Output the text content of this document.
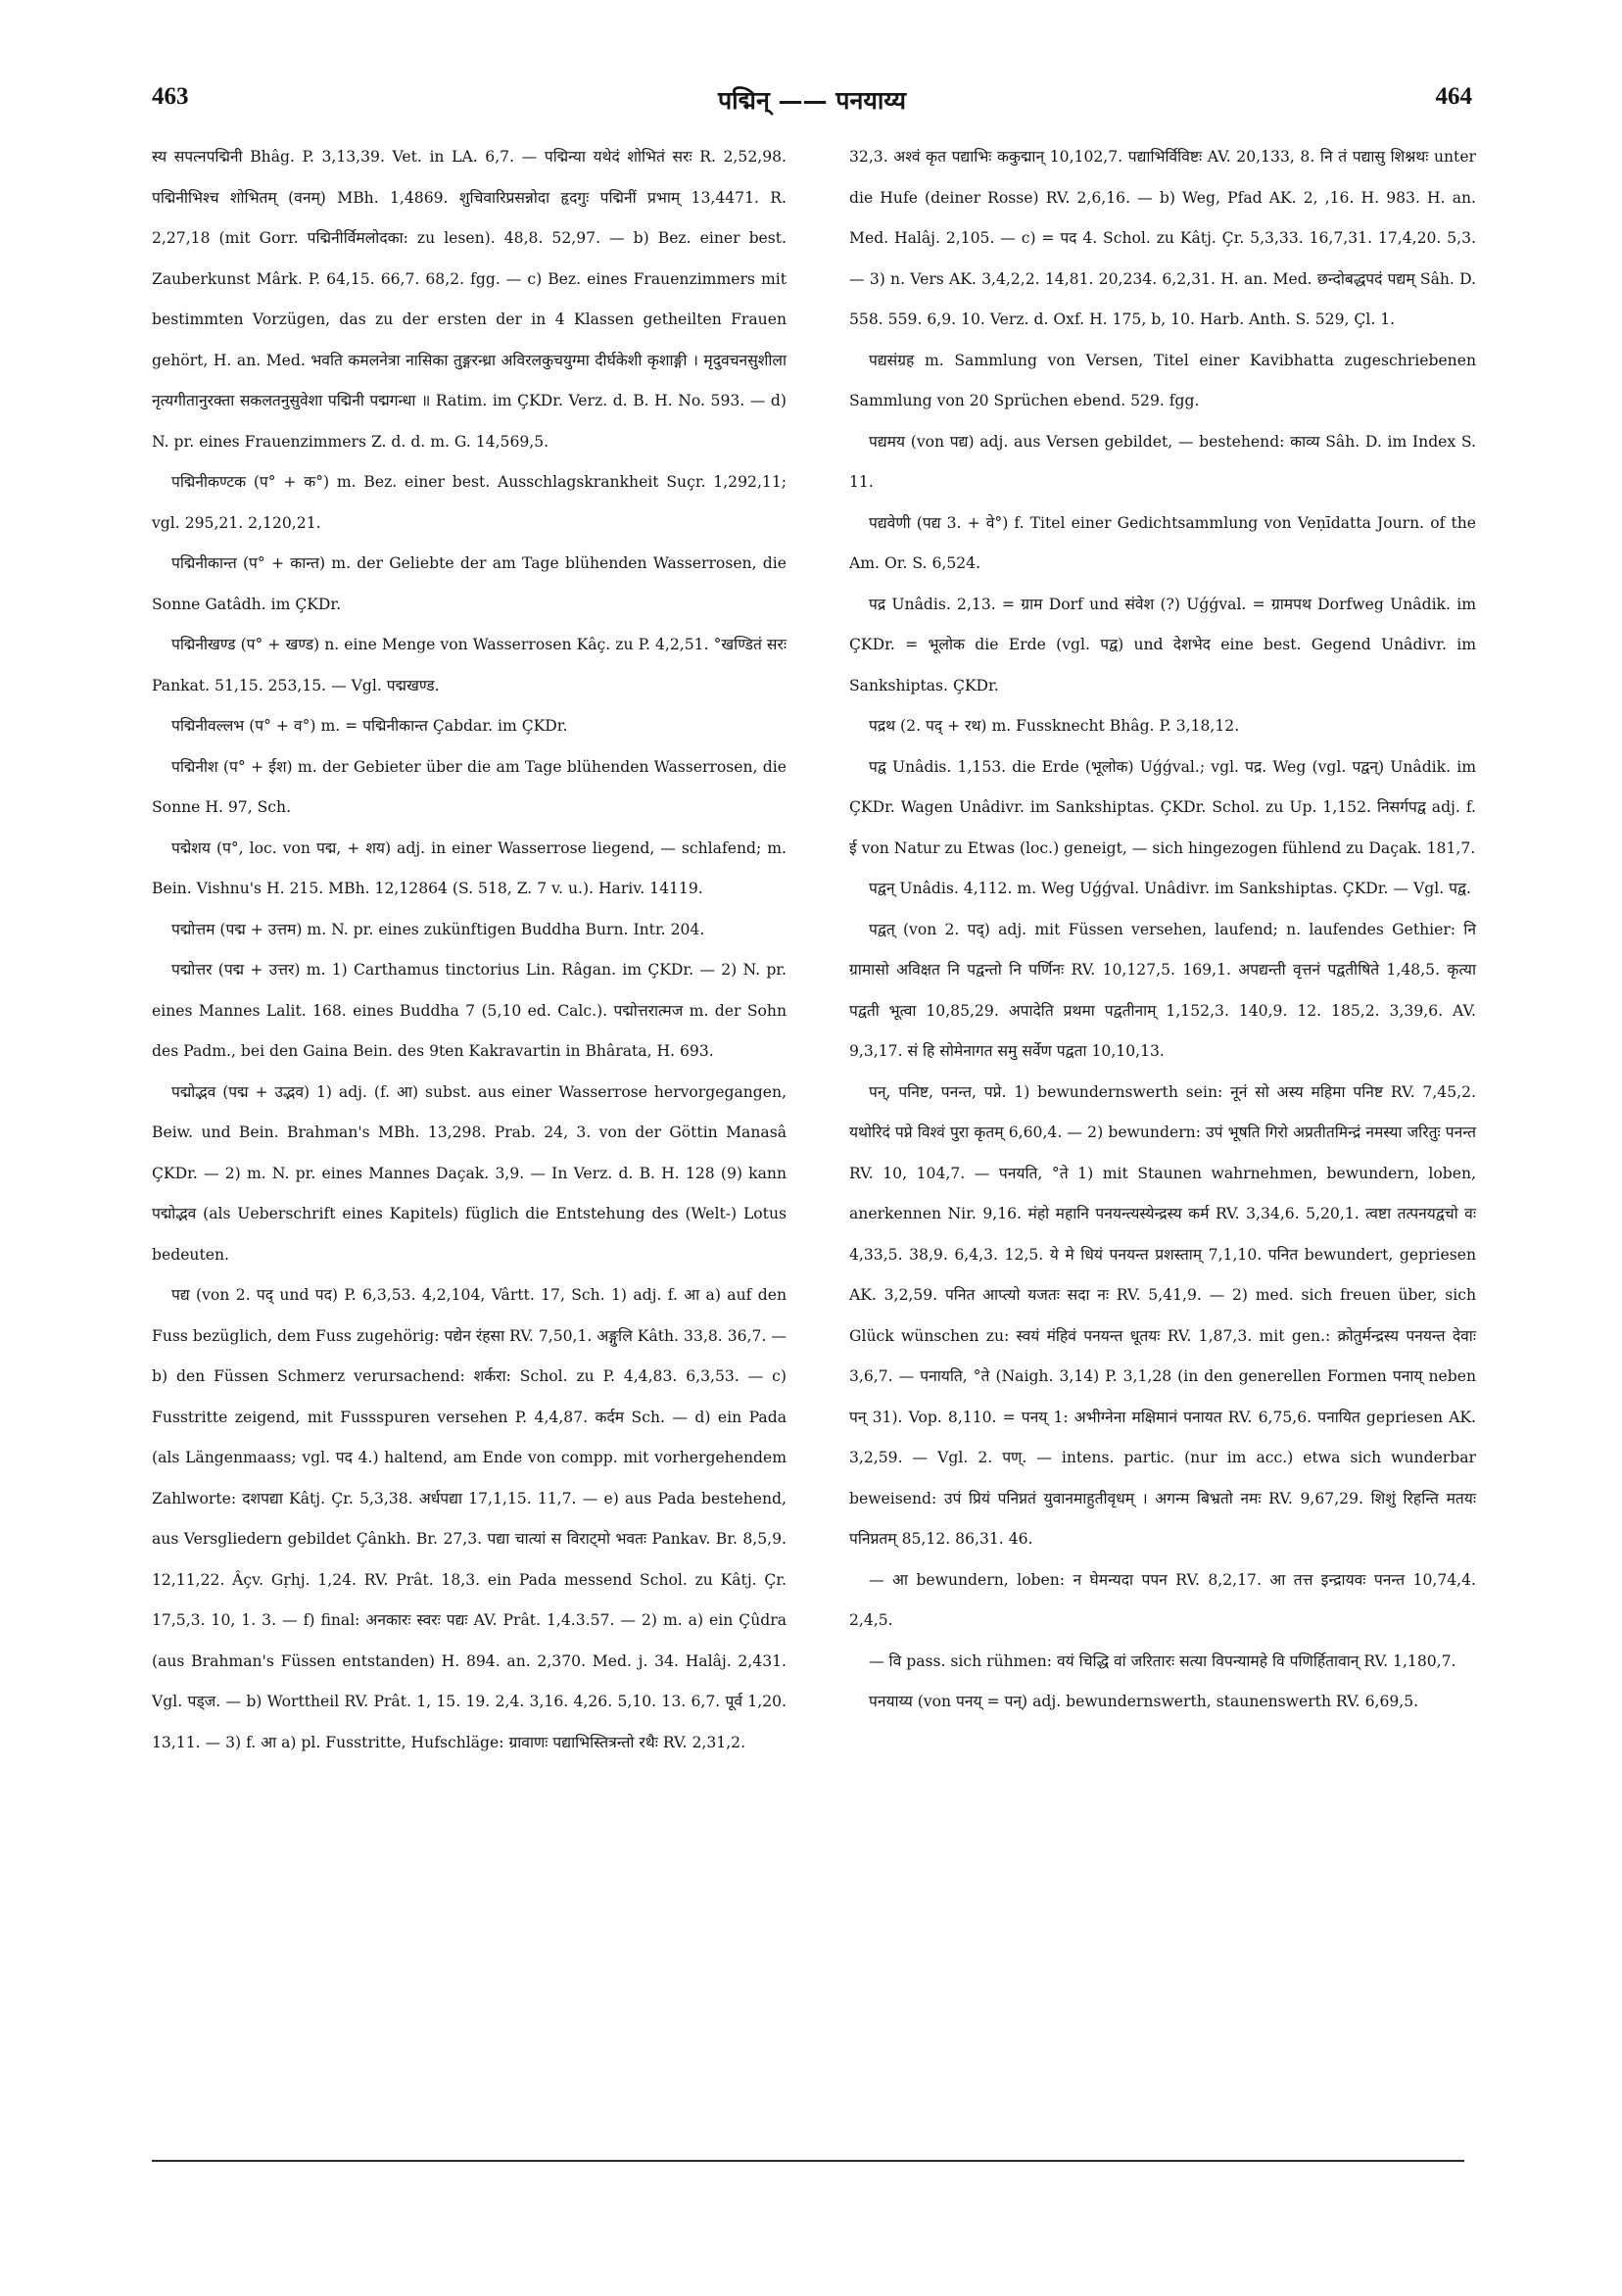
463	पद्मिन् —— पनयाय्य	464

स्य सपत्नपद्मिनी Bhâg. P. 3,13,39. Vet. in LA. 6,7. — पद्मिन्या यथेदं शोभितं सरः R. 2,52,98. पद्मिनीभिश्च शोभितम् (वनम्) MBh. 1,4869. शुचिवारिप्रसन्नोदा हृदगुः पद्मिनीं प्रभाम् 13,4471. R. 2,27,18 (mit Gorr. पद्मिनीर्विमलोदका: zu lesen). 48,8. 52,97. — b) Bez. einer best. Zauberkunst Mârk. P. 64,15. 66,7. 68,2. fgg. — c) Bez. eines Frauenzimmers mit bestimmten Vorzügen, das zu der ersten der in 4 Klassen getheilten Frauen gehört, H. an. Med. भवति कमलनेत्रा नासिका तुङ्गरन्ध्रा अविरलकुचयुग्मा दीर्घकेशी कृशाङ्गी । मृदुवचनसुशीला नृत्यगीतानुरक्ता सकलतनुसुवेशा पद्मिनी पद्मगन्धा ॥ Ratim. im ÇKDr. Verz. d. B. H. No. 593. — d) N. pr. eines Frauenzimmers Z. d. d. m. G. 14,569,5.

पद्मिनीकण्टक (प° + क°) m. Bez. einer best. Ausschlagskrankheit Suçr. 1,292,11; vgl. 295,21. 2,120,21.

पद्मिनीकान्त (प° + कान्त) m. der Geliebte der am Tage blühenden Wasserrosen, die Sonne Gatâdh. im ÇKDr.

पद्मिनीखण्ड (प° + खण्ड) n. eine Menge von Wasserrosen Kâç. zu P. 4,2,51. °खण्डितं सरः Pankat. 51,15. 253,15. — Vgl. पद्मखण्ड.

पद्मिनीवल्लभ (प° + व°) m. = पद्मिनीकान्त Çabdar. im ÇKDr.

पद्मिनीश (प° + ईश) m. der Gebieter über die am Tage blühenden Wasserrosen, die Sonne H. 97, Sch.

पद्मेशय (प°, loc. von पद्म, + शय) adj. in einer Wasserrose liegend, — schlafend; m. Bein. Vishnu's H. 215. MBh. 12,12864 (S. 518, Z. 7 v. u.). Hariv. 14119.

पद्मोत्तम (पद्म + उत्तम) m. N. pr. eines zukünftigen Buddha Burn. Intr. 204.

पद्मोत्तर (पद्म + उत्तर) m. 1) Carthamus tinctorius Lin. Râgan. im ÇKDr. — 2) N. pr. eines Mannes Lalit. 168. eines Buddha 7 (5,10 ed. Calc.). पद्मोत्तरात्मज m. der Sohn des Padm., bei den Gaina Bein. des 9ten Kakravartin in Bhârata, H. 693.

पद्मोद्भव (पद्म + उद्भव) 1) adj. (f. आ) subst. aus einer Wasserrose hervorgegangen, Beiw. und Bein. Brahman's MBh. 13,298. Prab. 24, 3. von der Göttin Manasâ ÇKDr. — 2) m. N. pr. eines Mannes Daçak. 3,9. — In Verz. d. B. H. 128 (9) kann पद्मोद्भव (als Ueberschrift eines Kapitels) füglich die Entstehung des (Welt-) Lotus bedeuten.

पद्य (von 2. पद् und पद) P. 6,3,53. 4,2,104, Vârtt. 17, Sch. 1) adj. f. आ a) auf den Fuss bezüglich, dem Fuss zugehörig: पद्येन रंहसा RV. 7,50,1. अङ्गुलि Kâth. 33,8. 36,7. — b) den Füssen Schmerz verursachend: शर्करा: Schol. zu P. 4,4,83. 6,3,53. — c) Fusstritte zeigend, mit Fussspuren versehen P. 4,4,87. कर्दम Sch. — d) ein Pada (als Längenmaass; vgl. पद 4.) haltend, am Ende von compp. mit vorhergehendem Zahlworte: दशपद्या Kâtj. Çr. 5,3,38. अर्धपद्या 17,1,15. 11,7. — e) aus Pada bestehend, aus Versgliedern gebildet Çânkh. Br. 27,3. पद्या चात्यां स विराट्मो भवतः Pankav. Br. 8,5,9. 12,11,22. Âçv. Gṛhj. 1,24. RV. Prât. 18,3. ein Pada messend Schol. zu Kâtj. Çr. 17,5,3. 10, 1. 3. — f) final: अनकारः स्वरः पद्यः AV. Prât. 1,4.3.57. — 2) m. a) ein Çûdra (aus Brahman's Füssen entstanden) H. 894. an. 2,370. Med. j. 34. Halâj. 2,431. Vgl. पड्ज. — b) Worttheil RV. Prât. 1, 15. 19. 2,4. 3,16. 4,26. 5,10. 13. 6,7. पूर्व 1,20. 13,11. — 3) f. आ a) pl. Fusstritte, Hufschläge: ग्रावाणः पद्याभिस्तित्रन्तो रथैः RV. 2,31,2.

32,3. अश्वं कृत पद्याभिः ककुद्मान् 10,102,7. पद्याभिर्विविष्टः AV. 20,133, 8. नि तं पद्यासु शिश्नथः unter die Hufe (deiner Rosse) RV. 2,6,16. — b) Weg, Pfad AK. 2, ,16. H. 983. H. an. Med. Halâj. 2,105. — c) = पद 4. Schol. zu Kâtj. Çr. 5,3,33. 16,7,31. 17,4,20. 5,3. — 3) n. Vers AK. 3,4,2,2. 14,81. 20,234. 6,2,31. H. an. Med. छन्दोबद्धपदं पद्यम् Sâh. D. 558. 559. 6,9. 10. Verz. d. Oxf. H. 175, b, 10. Harb. Anth. S. 529, Çl. 1.

पद्यसंग्रह m. Sammlung von Versen, Titel einer Kavibhatta zugeschriebenen Sammlung von 20 Sprüchen ebend. 529. fgg.

पद्यमय (von पद्य) adj. aus Versen gebildet, — bestehend: काव्य Sâh. D. im Index S. 11.

पद्यवेणी (पद्य 3. + वे°) f. Titel einer Gedichtsammlung von Veṇīdatta Journ. of the Am. Or. S. 6,524.

पद्र Unâdis. 2,13. = ग्राम Dorf und संवेश (?) Uǵǵval. = ग्रामपथ Dorfweg Unâdik. im ÇKDr. = भूलोक die Erde (vgl. पद्व) und देशभेद eine best. Gegend Unâdivr. im Sankshiptas. ÇKDr.

पद्रथ (2. पद् + रथ) m. Fussknecht Bhâg. P. 3,18,12.

पद्व Unâdis. 1,153. die Erde (भूलोक) Uǵǵval.; vgl. पद्र. Weg (vgl. पद्वन्) Unâdik. im ÇKDr. Wagen Unâdivr. im Sankshiptas. ÇKDr. Schol. zu Up. 1,152. निसर्गपद्व adj. f. ई von Natur zu Etwas (loc.) geneigt, — sich hingezogen fühlend zu Daçak. 181,7.

पद्वन् Unâdis. 4,112. m. Weg Uǵǵval. Unâdivr. im Sankshiptas. ÇKDr. — Vgl. पद्व.

पद्वत् (von 2. पद्) adj. mit Füssen versehen, laufend; n. laufendes Gethier: नि ग्रामासो अविक्षत नि पद्वन्तो नि पर्णिनः RV. 10,127,5. 169,1. अपद्यन्ती वृत्तनं पद्वतीषिते 1,48,5. कृत्या पद्वती भूत्वा 10,85,29. अपादेति प्रथमा पद्वतीनाम् 1,152,3. 140,9. 12. 185,2. 3,39,6. AV. 9,3,17. सं हि सोमेनागत समु सर्वेण पद्वता 10,10,13.

पन्, पनिष्ट, पनन्त, पप्ने. 1) bewundernswerth sein: नूनं सो अस्य महिमा पनिष्ट RV. 7,45,2. यथोरिदं पप्ने विश्वं पुरा कृतम् 6,60,4. — 2) bewundern: उपं भूषति गिरो अप्रतीतमिन्द्रं नमस्या जरितुः पनन्त RV. 10, 104,7. — पनयति, °ते 1) mit Staunen wahrnehmen, bewundern, loben, anerkennen Nir. 9,16. मंहो महानि पनयन्त्यस्येन्द्रस्य कर्म RV. 3,34,6. 5,20,1. त्वष्टा तत्पनयद्वचो वः 4,33,5. 38,9. 6,4,3. 12,5. ये मे धियं पनयन्त प्रशस्ताम् 7,1,10. पनित bewundert, gepriesen AK. 3,2,59. पनित आप्त्यो यजतः सदा नः RV. 5,41,9. — 2) med. sich freuen über, sich Glück wünschen zu: स्वयं मंहिवं पनयन्त धूतयः RV. 1,87,3. mit gen.: क्रोतुर्मन्द्रस्य पनयन्त देवाः 3,6,7. — पनायति, °ते (Naigh. 3,14) P. 3,1,28 (in den generellen Formen पनाय् neben पन् 31). Vop. 8,110. = पनय् 1: अभीग्नेना मक्षिमानं पनायत RV. 6,75,6. पनायित gepriesen AK. 3,2,59. — Vgl. 2. पण्. — intens. partic. (nur im acc.) etwa sich wunderbar beweisend: उपं प्रियं पनिप्नतं युवानमाहुतीवृधम् । अगन्म बिभ्रतो नमः RV. 9,67,29. शिशुं रिहन्ति मतयः पनिप्नतम् 85,12. 86,31. 46.

— आ bewundern, loben: न घेमन्यदा पपन RV. 8,2,17. आ तत्त इन्द्रायवः पनन्त 10,74,4. 2,4,5.

— वि pass. sich rühmen: वयं चिद्धि वां जरितारः सत्या विपन्यामहे वि पणिर्हितावान् RV. 1,180,7.

पनयाय्य (von पनय् = पन्) adj. bewundernswerth, staunenswerth RV. 6,69,5.
